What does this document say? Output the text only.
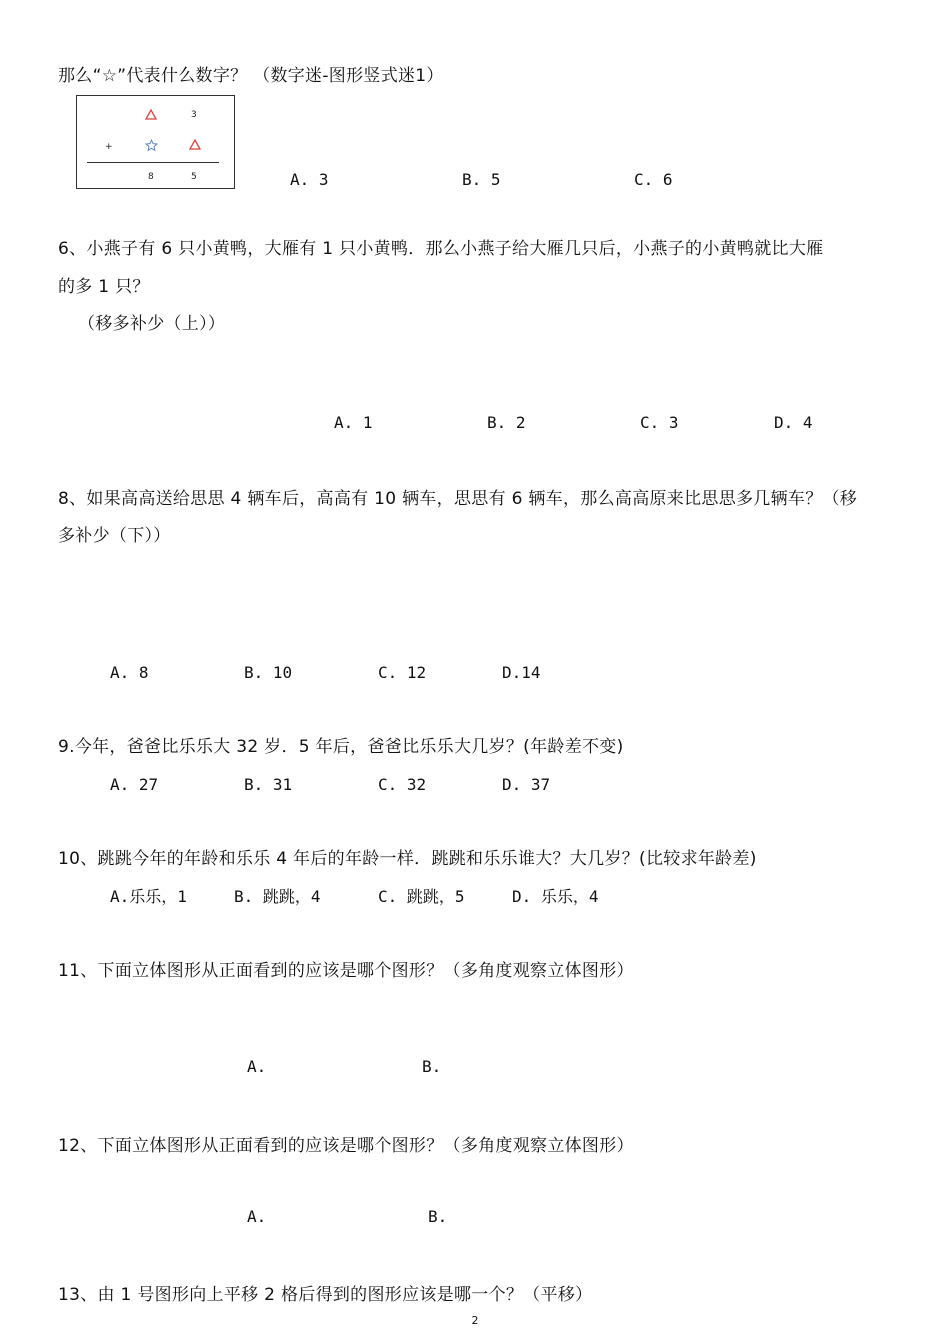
那么“☆”代表什么数字？ （数字迷-图形竖式迷1）
3
+
8	5	A. 3	B. 5	C. 6
6、小燕子有 6 只小黄鸭，大雁有 1 只小黄鸭．那么小燕子给大雁几只后，小燕子的小黄鸭就比大雁
的多 1 只？
（移多补少（上））
A. 1	B. 2	C. 3	D. 4
8、如果高高送给思思 4 辆车后，高高有 10 辆车，思思有 6 辆车，那么高高原来比思思多几辆车？（移
多补少（下））
A. 8	B. 10	C. 12	D.14
9.今年，爸爸比乐乐大 32 岁．5 年后，爸爸比乐乐大几岁？(年龄差不变)
A. 27	B. 31	C. 32	D. 37
10、跳跳今年的年龄和乐乐 4 年后的年龄一样．跳跳和乐乐谁大？大几岁？(比较求年龄差)
A.乐乐，1	B. 跳跳，4	C. 跳跳，5	D. 乐乐，4
11、下面立体图形从正面看到的应该是哪个图形？（多角度观察立体图形）
A.	B.
12、下面立体图形从正面看到的应该是哪个图形？（多角度观察立体图形）
A.	B.
13、由 1 号图形向上平移 2 格后得到的图形应该是哪一个？（平移）
2
